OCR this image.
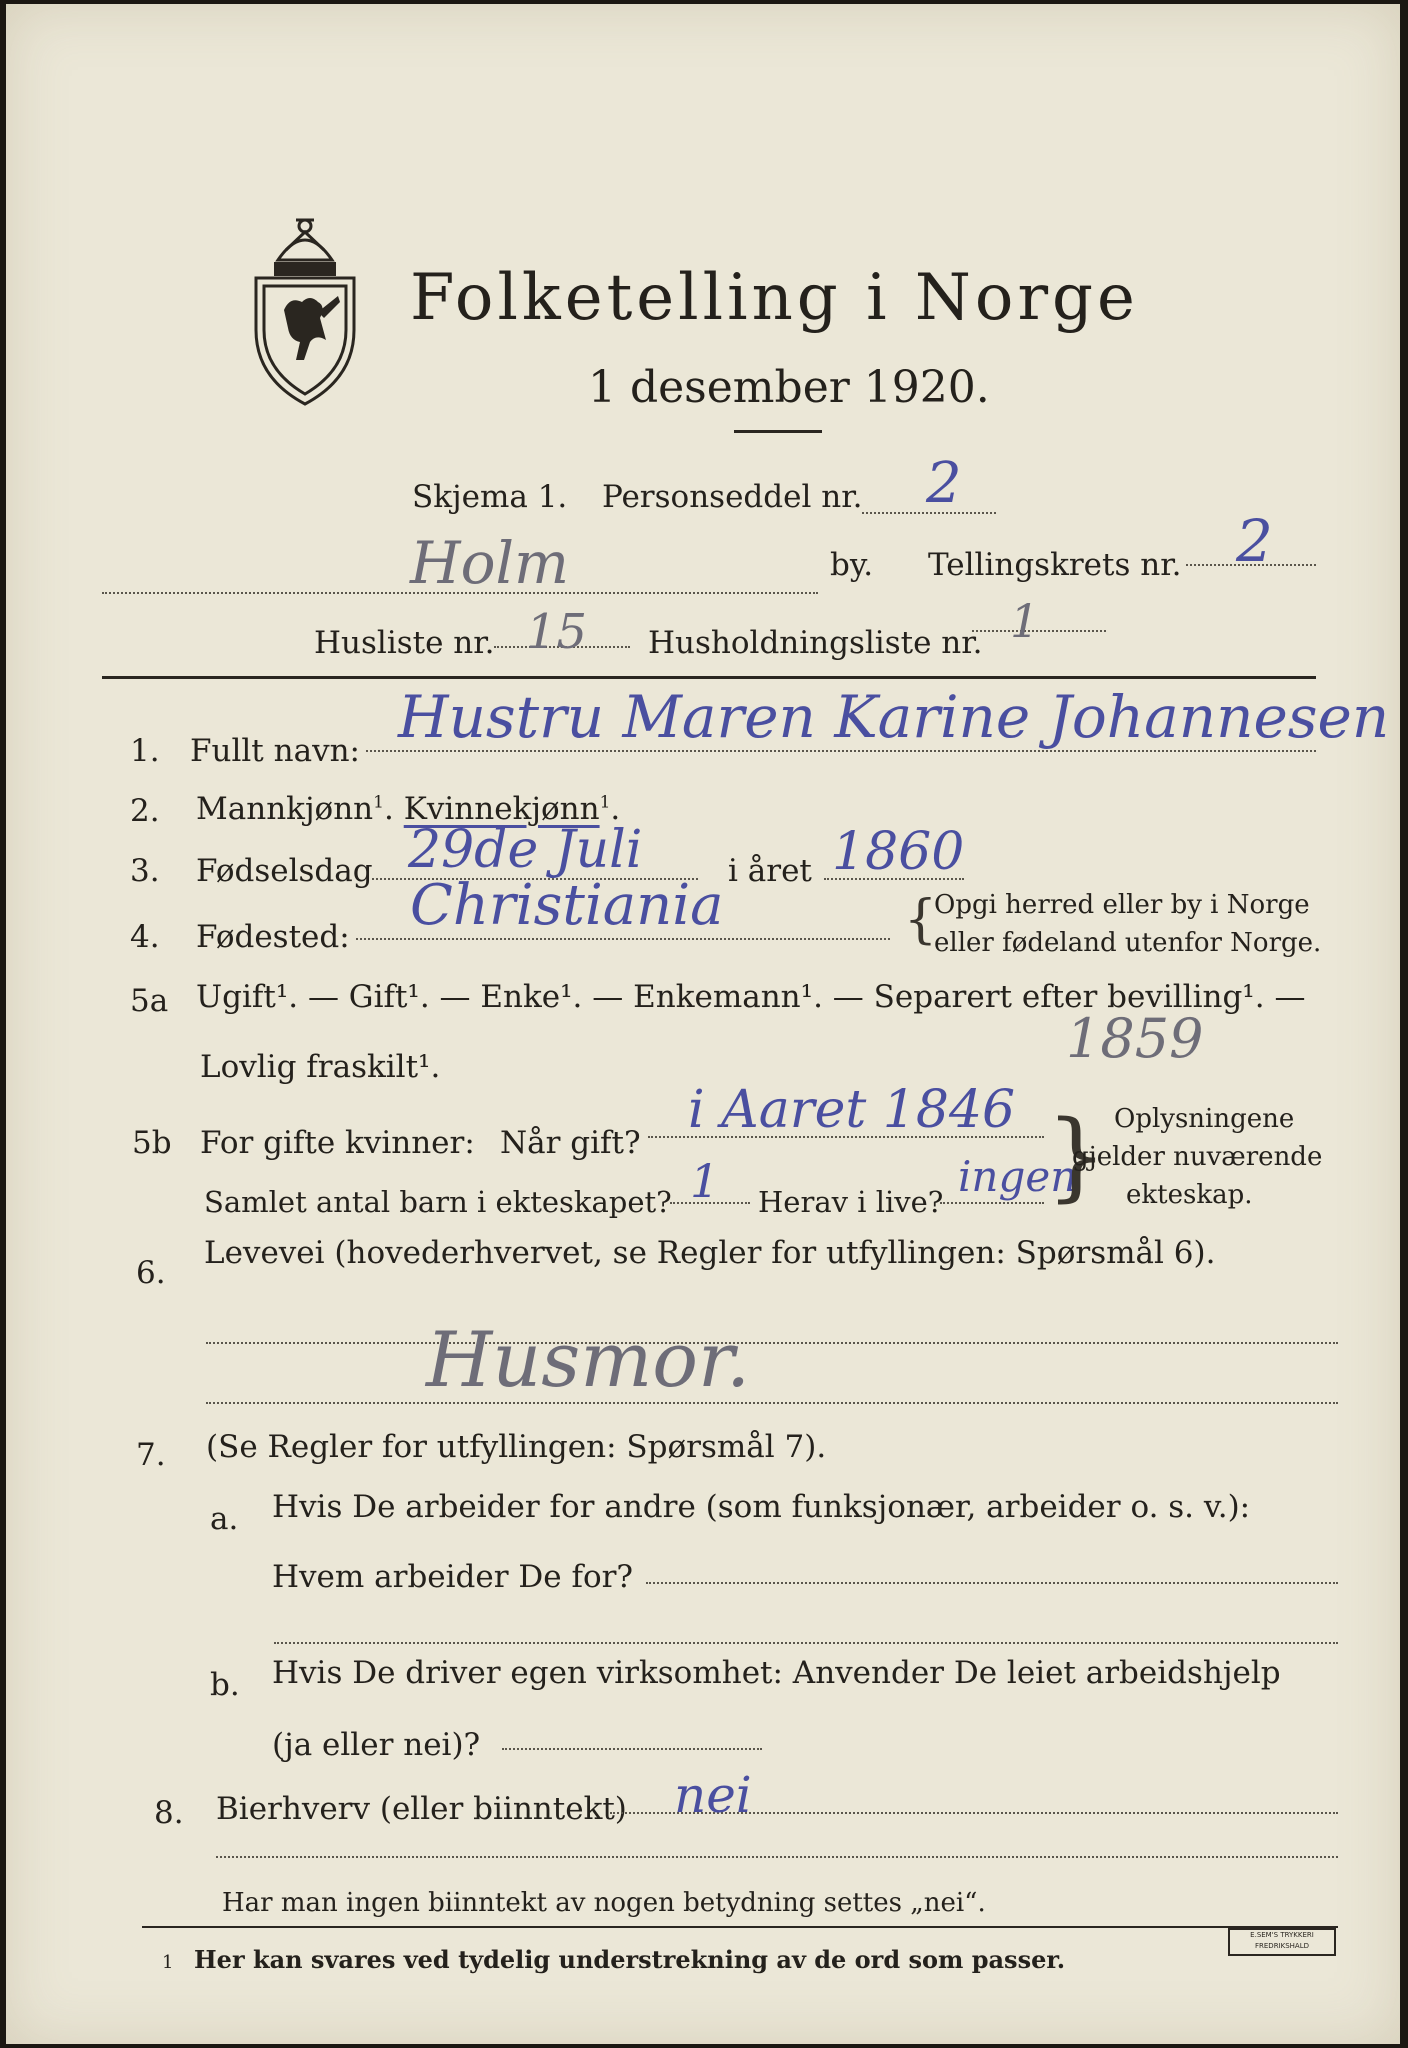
Folketelling i Norge
1 desember 1920.
Skjema 1. Personseddel nr. 2
Holm	by. Tellingskrets nr. 2
Husliste nr. 15 Husholdningsliste nr. 1
1. Fullt navn: Hustru Maren Karine Johannesen
2. Mannkjønn$^1$. Kvinnekjønn$^1$.
3. Fødselsdag 29de Juli	i året 1860
4. Fødested: Christiania	{
Opgi herred eller by i Norge
eller fødeland utenfor Norge.
5a Ugift¹. — Gift¹. — Enke¹. — Enkemann¹. — Separert efter bevilling¹. —
Lovlig fraskilt¹.	1859
5b For gifte kvinner: Når gift?
i Aaret 1846
Samlet antal barn i ekteskapet? 1 Herav i live?
ingen
} Oplysningene
gjelder nuværende
ekteskap.
6.
Levevei (hovederhvervet, se Regler for utfyllingen: Spørsmål 6).
Husmor.
7. (Se Regler for utfyllingen: Spørsmål 7).
a. Hvis De arbeider for andre (som funksjonær, arbeider o. s. v.):
Hvem arbeider De for?
b. Hvis De driver egen virksomhet: Anvender De leiet arbeidshjelp
(ja eller nei)?
8. Bierhverv (eller biinntekt) nei
Har man ingen biinntekt av nogen betydning settes „nei“.
1 Her kan svares ved tydelig understrekning av de ord som passer.
E.SEM'S TRYKKERI
FREDRIKSHALD
